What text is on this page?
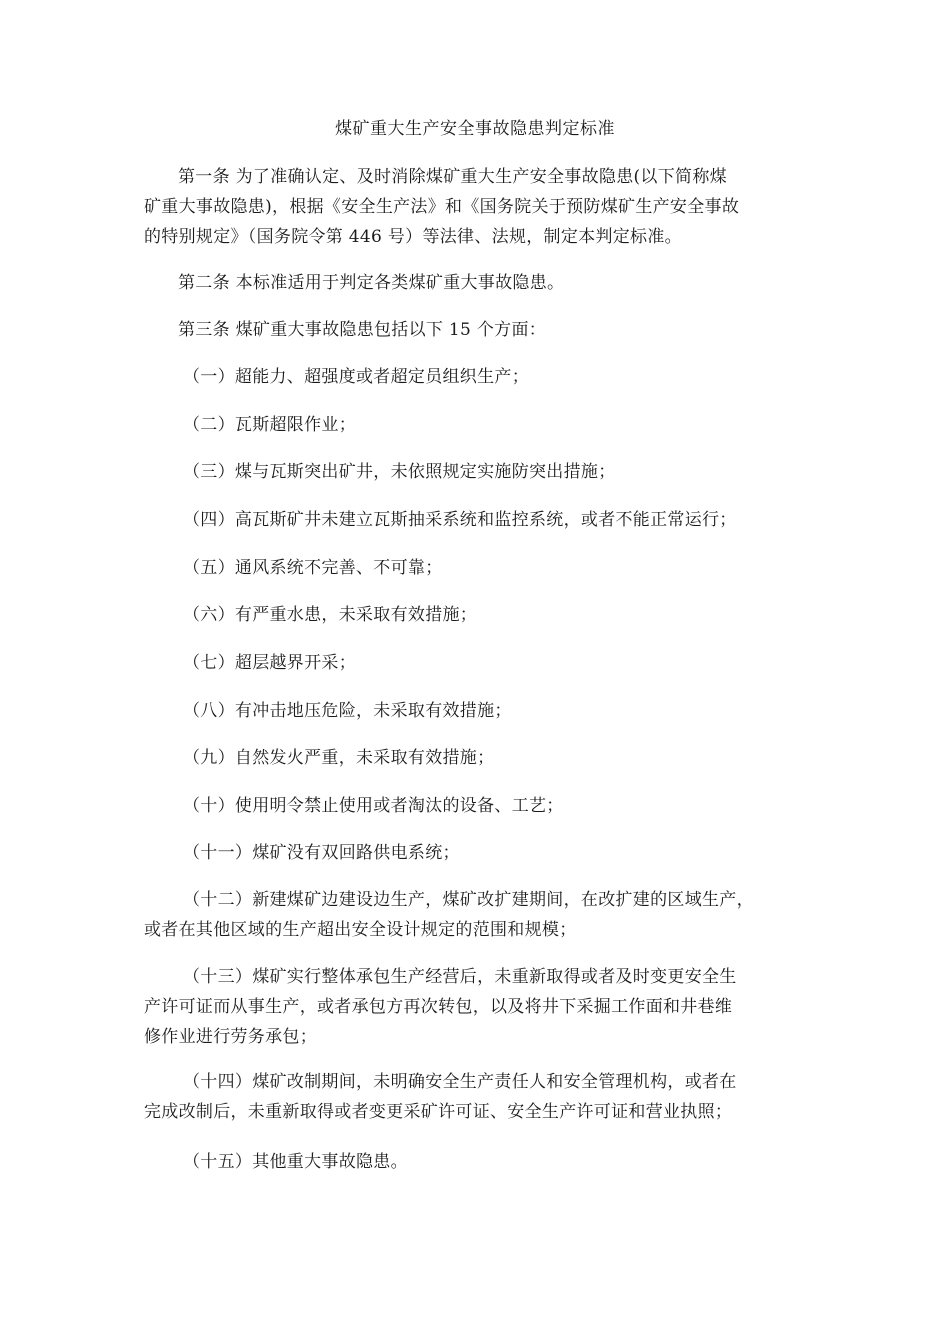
煤矿重大生产安全事故隐患判定标准
第一条 为了准确认定、及时消除煤矿重大生产安全事故隐患(以下简称煤
矿重大事故隐患)，根据《安全生产法》和《国务院关于预防煤矿生产安全事故
的特别规定》（国务院令第 446 号）等法律、法规，制定本判定标准。
第二条 本标准适用于判定各类煤矿重大事故隐患。
第三条 煤矿重大事故隐患包括以下 15 个方面：
（一）超能力、超强度或者超定员组织生产；
（二）瓦斯超限作业；
（三）煤与瓦斯突出矿井，未依照规定实施防突出措施；
（四）高瓦斯矿井未建立瓦斯抽采系统和监控系统，或者不能正常运行；
（五）通风系统不完善、不可靠；
（六）有严重水患，未采取有效措施；
（七）超层越界开采；
（八）有冲击地压危险，未采取有效措施；
（九）自然发火严重，未采取有效措施；
（十）使用明令禁止使用或者淘汰的设备、工艺；
（十一）煤矿没有双回路供电系统；
（十二）新建煤矿边建设边生产，煤矿改扩建期间，在改扩建的区域生产，
或者在其他区域的生产超出安全设计规定的范围和规模；
（十三）煤矿实行整体承包生产经营后，未重新取得或者及时变更安全生
产许可证而从事生产，或者承包方再次转包，以及将井下采掘工作面和井巷维
修作业进行劳务承包；
（十四）煤矿改制期间，未明确安全生产责任人和安全管理机构，或者在
完成改制后，未重新取得或者变更采矿许可证、安全生产许可证和营业执照；
（十五）其他重大事故隐患。
